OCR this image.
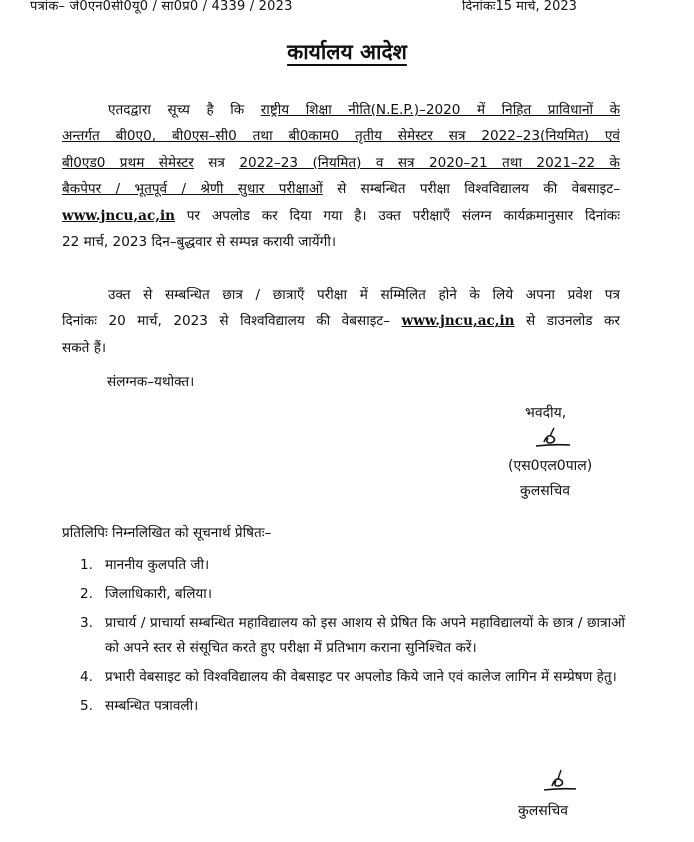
पत्रांक– जे0एन0सी0यू0 / सा0प्र0 / 4339 / 2023	दिनांकः15 मार्च, 2023
कार्यालय आदेश
एतदद्वारा सूच्य है कि राष्ट्रीय शिक्षा नीति(N.E.P.)–2020 में निहित प्राविधानों के
अन्तर्गत बी0ए0, बी0एस–सी0 तथा बी0काम0 तृतीय सेमेस्टर सत्र 2022–23(नियमित) एवं
बी0एड0 प्रथम सेमेस्टर सत्र 2022–23 (नियमित) व सत्र 2020–21 तथा 2021–22 के
बैकपेपर / भूतपूर्व / श्रेणी सुधार परीक्षाओं से सम्बन्धित परीक्षा विश्वविद्यालय की वेबसाइट–
www.jncu,ac,in पर अपलोड कर दिया गया है। उक्त परीक्षाएँ संलग्न कार्यक्रमानुसार दिनांकः
22 मार्च, 2023 दिन–बुद्धवार से सम्पन्न करायी जायेंगी।
उक्त से सम्बन्धित छात्र / छात्राएँ परीक्षा में सम्मिलित होने के लिये अपना प्रवेश पत्र
दिनांकः 20 मार्च, 2023 से विश्वविद्यालय की वेबसाइट– www.jncu,ac,in से डाउनलोड कर
सकते हैं।
संलग्नक–यथोक्त।
भवदीय,
(एस0एल0पाल)
कुलसचिव
प्रतिलिपिः निम्नलिखित को सूचनार्थ प्रेषितः–
1. माननीय कुलपति जी।
2. जिलाधिकारी, बलिया।
3. प्राचार्य / प्राचार्या सम्बन्धित महाविद्यालय को इस आशय से प्रेषित कि अपने महाविद्यालयों के छात्र / छात्राओं को अपने स्तर से संसूचित करते हुए परीक्षा में प्रतिभाग कराना सुनिश्चित करें।
4. प्रभारी वेबसाइट को विश्वविद्यालय की वेबसाइट पर अपलोड किये जाने एवं कालेज लागिन में सम्प्रेषण हेतु।
5. सम्बन्धित पत्रावली।
कुलसचिव
